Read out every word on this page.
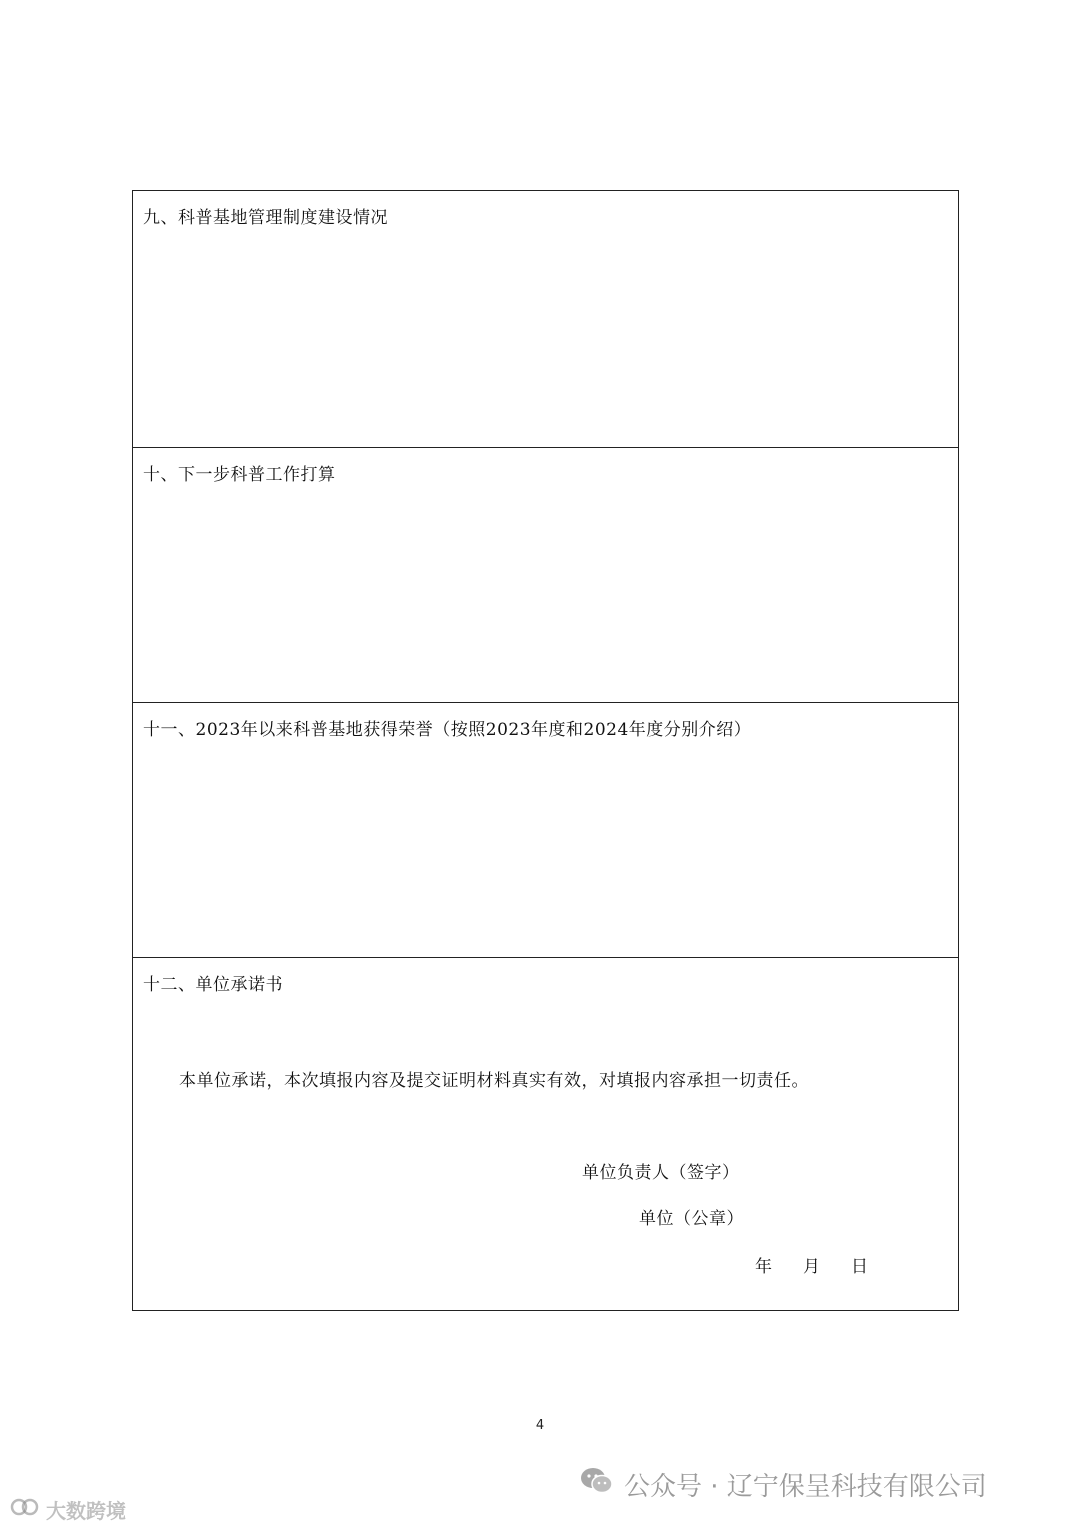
九、科普基地管理制度建设情况
十、下一步科普工作打算
十一、2023年以来科普基地获得荣誉（按照2023年度和2024年度分别介绍）
十二、单位承诺书
本单位承诺，本次填报内容及提交证明材料真实有效，对填报内容承担一切责任。
单位负责人（签字）
单位（公章）
年	月	日
4
大数跨境
公众号 · 辽宁保呈科技有限公司
